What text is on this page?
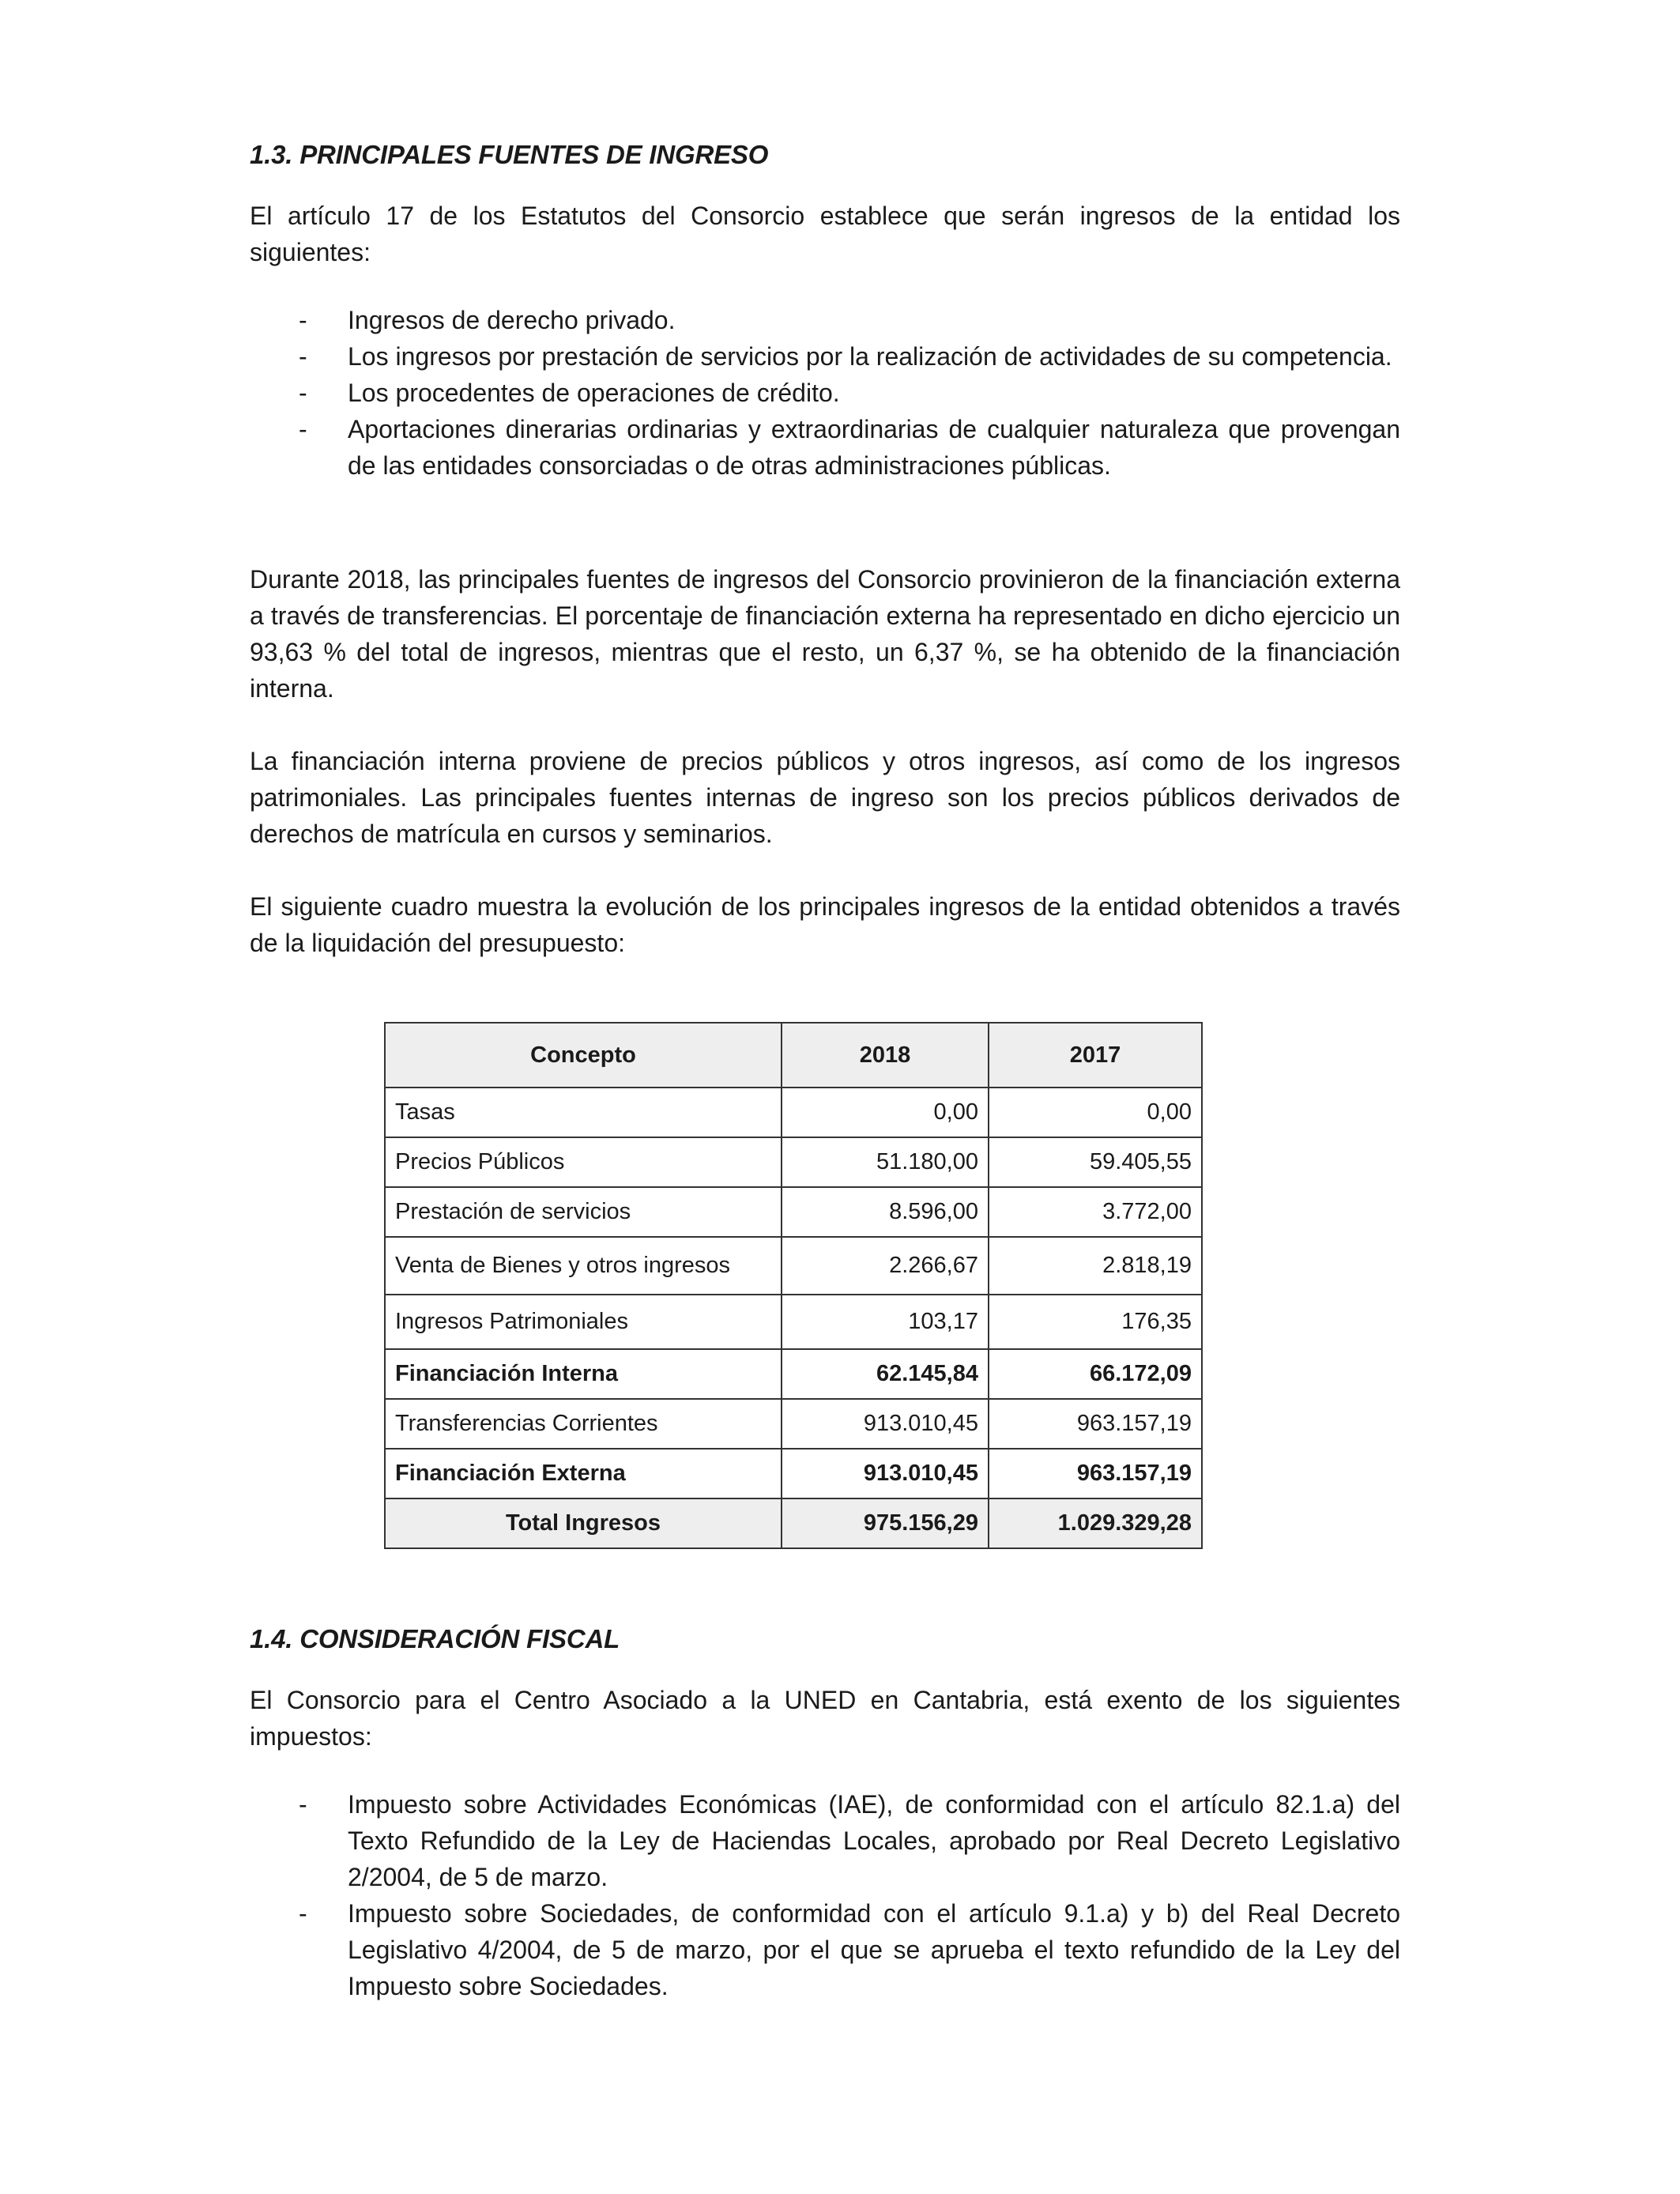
1.3. PRINCIPALES FUENTES DE INGRESO

El artículo 17 de los Estatutos del Consorcio establece que serán ingresos de la entidad los siguientes:

- Ingresos de derecho privado.
- Los ingresos por prestación de servicios por la realización de actividades de su competencia.
- Los procedentes de operaciones de crédito.
- Aportaciones dinerarias ordinarias y extraordinarias de cualquier naturaleza que provengan de las entidades consorciadas o de otras administraciones públicas.

Durante 2018, las principales fuentes de ingresos del Consorcio provinieron de la financiación externa a través de transferencias. El porcentaje de financiación externa ha representado en dicho ejercicio un 93,63 % del total de ingresos, mientras que el resto, un 6,37 %, se ha obtenido de la financiación interna.

La financiación interna proviene de precios públicos y otros ingresos, así como de los ingresos patrimoniales. Las principales fuentes internas de ingreso son los precios públicos derivados de derechos de matrícula en cursos y seminarios.

El siguiente cuadro muestra la evolución de los principales ingresos de la entidad obtenidos a través de la liquidación del presupuesto:

Concepto	2018	2017
Tasas	0,00	0,00
Precios Públicos	51.180,00	59.405,55
Prestación de servicios	8.596,00	3.772,00
Venta de Bienes y otros ingresos	2.266,67	2.818,19
Ingresos Patrimoniales	103,17	176,35
Financiación Interna	62.145,84	66.172,09
Transferencias Corrientes	913.010,45	963.157,19
Financiación Externa	913.010,45	963.157,19
Total Ingresos	975.156,29	1.029.329,28
1.4. CONSIDERACIÓN FISCAL

El Consorcio para el Centro Asociado a la UNED en Cantabria, está exento de los siguientes impuestos:

- Impuesto sobre Actividades Económicas (IAE), de conformidad con el artículo 82.1.a) del Texto Refundido de la Ley de Haciendas Locales, aprobado por Real Decreto Legislativo 2/2004, de 5 de marzo.
- Impuesto sobre Sociedades, de conformidad con el artículo 9.1.a) y b) del Real Decreto Legislativo 4/2004, de 5 de marzo, por el que se aprueba el texto refundido de la Ley del Impuesto sobre Sociedades.
